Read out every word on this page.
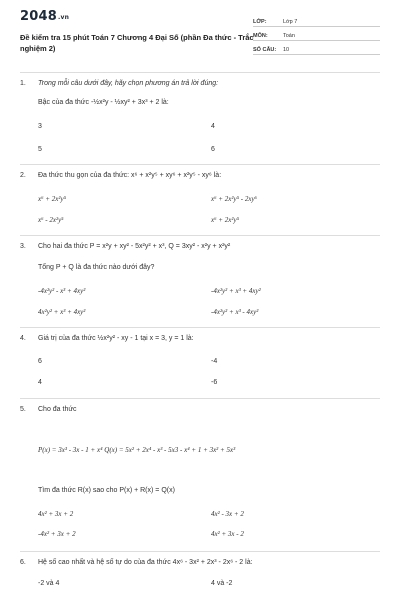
$2048_{.vn}$
Đề kiểm tra 15 phút Toán 7 Chương 4 Đại Số (phần Đa thức - Trắc nghiệm 2)
LỚP:	Lớp 7
MÔN:	Toán
SỐ CÂU:	10
1. Trong mỗi câu dưới đây, hãy chọn phương án trả lời đúng:
Bậc của đa thức -½x²y - ½xy² + 3x³ + 2 là:
3	4
5	6
2. Đa thức thu gọn của đa thức: x⁶ + x²y⁵ + xy⁶ + x²y⁵ - xy⁶ là:
x⁶ + 2x²y⁵	x⁶ + 2x²y⁵ - 2xy⁶
x⁶ - 2x²y⁵	x⁶ + 2x²y⁵
3. Cho hai đa thức P = x²y + xy² - 5x²y² + x³, Q = 3xy² - x²y + x²y²
Tổng P + Q là đa thức nào dưới đây?
-4x²y² - x³ + 4xy²	-4x²y² + x³ + 4xy²
4x²y² + x³ + 4xy²	-4x²y² + x³ - 4xy²
4. Giá trị của đa thức ½x²y² - xy - 1 tại x = 3, y = 1 là:
6	-4
4	-6
5. Cho đa thức
P(x) = 3x³ - 3x - 1 + x⁴ Q(x) = 5x² + 2x⁴ - x³ - 5x3 - x⁴ + 1 + 3x² + 5x³
Tìm đa thức R(x) sao cho P(x) + R(x) = Q(x)
4x² + 3x + 2	4x² - 3x + 2
-4x² + 3x + 2	4x² + 3x - 2
6. Hệ số cao nhất và hệ số tự do của đa thức 4x⁶ - 3x² + 2x³ - 2x⁶ - 2 là:
-2 và 4	4 và -2
